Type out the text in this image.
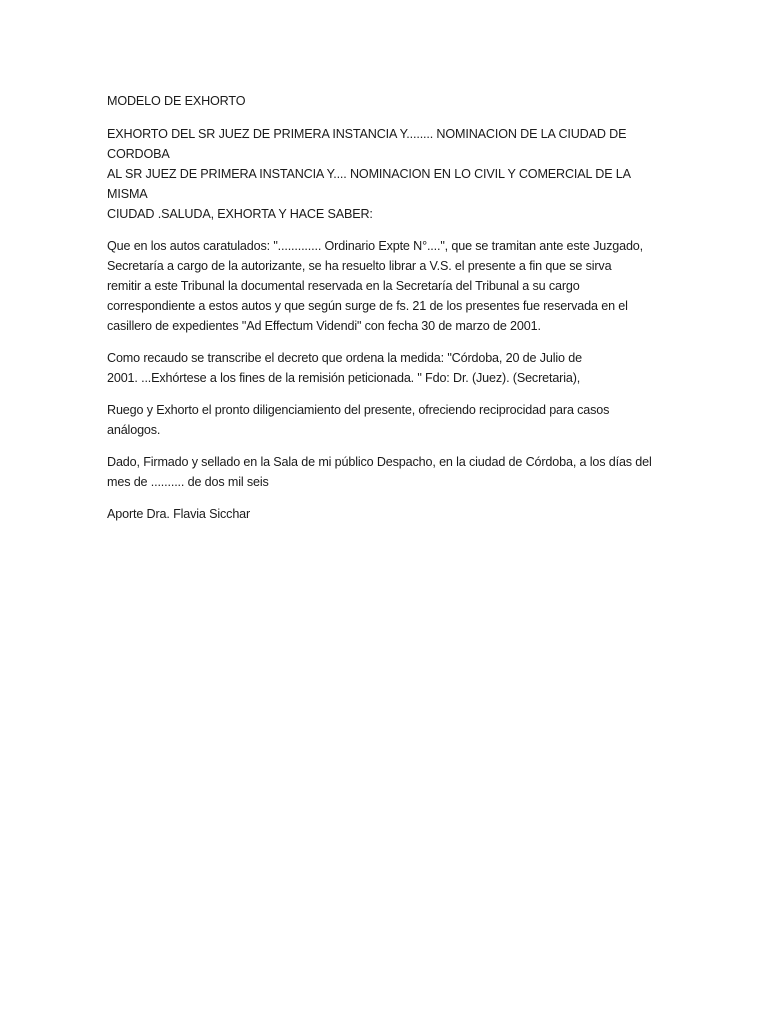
MODELO DE EXHORTO

EXHORTO DEL SR JUEZ DE PRIMERA INSTANCIA Y........ NOMINACION DE LA CIUDAD DE CORDOBA
AL SR JUEZ DE PRIMERA INSTANCIA Y.... NOMINACION EN LO CIVIL Y COMERCIAL DE LA MISMA
CIUDAD .SALUDA, EXHORTA Y HACE SABER:

Que en los autos caratulados: "............. Ordinario Expte N°....", que se tramitan ante este Juzgado,
Secretaría a cargo de la autorizante, se ha resuelto librar a V.S. el presente a fin que se sirva
remitir a este Tribunal la documental reservada en la Secretaría del Tribunal a su cargo
correspondiente a estos autos y que según surge de fs. 21 de los presentes fue reservada en el
casillero de expedientes "Ad Effectum Videndi" con fecha 30 de marzo de 2001.

Como recaudo se transcribe el decreto que ordena la medida: "Córdoba, 20 de Julio de
2001. ...Exhórtese a los fines de la remisión peticionada. " Fdo: Dr. (Juez). (Secretaria),

Ruego y Exhorto el pronto diligenciamiento del presente, ofreciendo reciprocidad para casos
análogos.

Dado, Firmado y sellado en la Sala de mi público Despacho, en la ciudad de Córdoba, a los días del
mes de .......... de dos mil seis

Aporte Dra. Flavia Sicchar
